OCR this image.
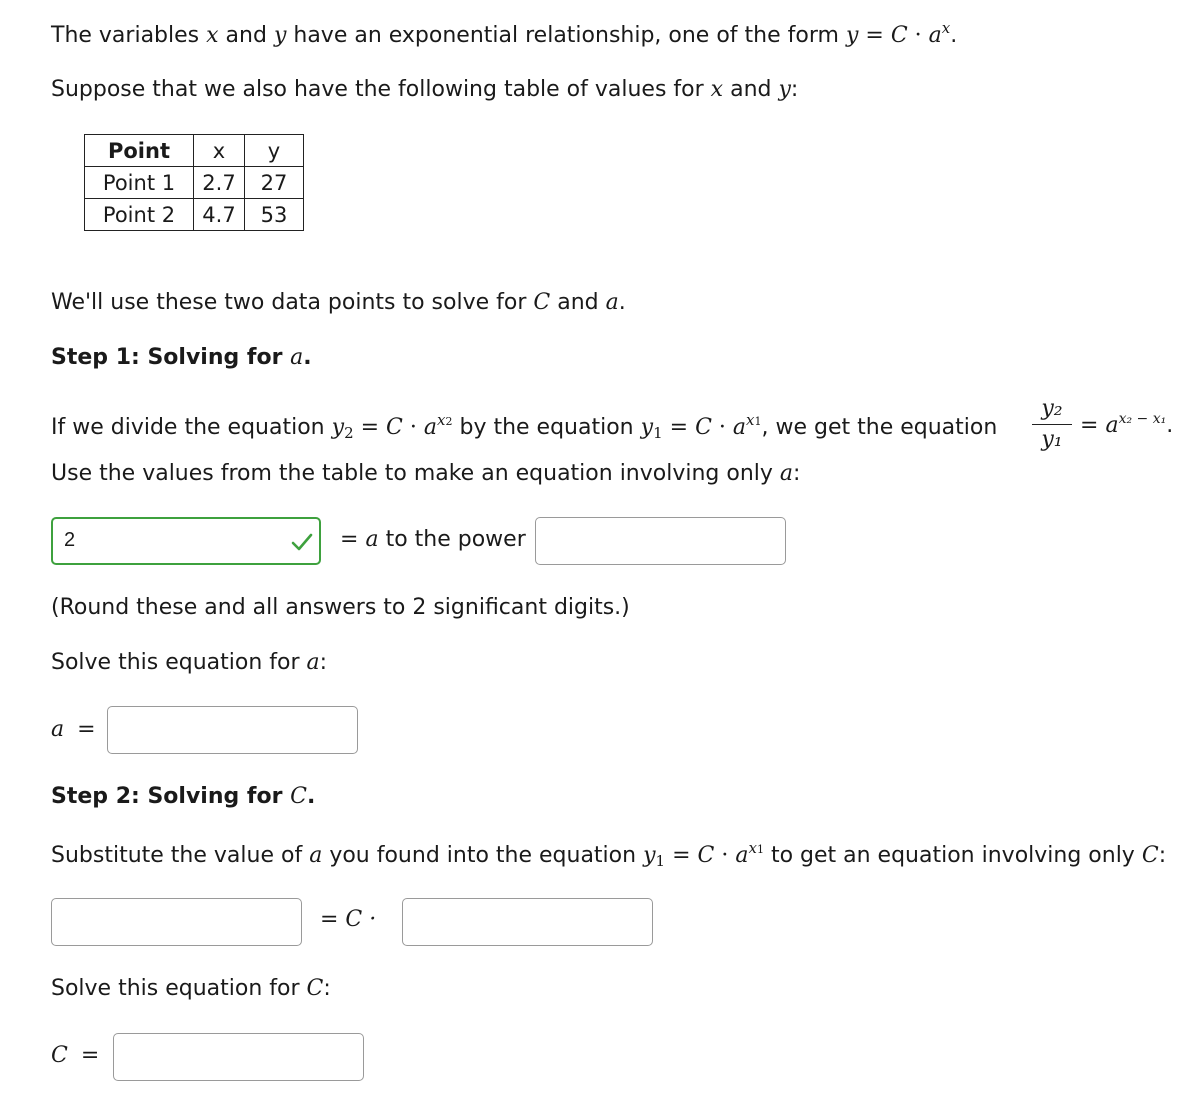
The variables x and y have an exponential relationship, one of the form $y = C \cdot a^x$.
Suppose that we also have the following table of values for x and y:
Point	x	y
Point 1	2.7	27
Point 2	4.7	53
We'll use these two data points to solve for C and a.
Step 1: Solving for a.
If we divide the equation $y_2 = C \cdot a^{x2}$ by the equation $y_1 = C \cdot a^{x1}$, we get the equation
y₂
y₁
= $a^{x_2 - x_1}$.
Use the values from the table to make an equation involving only a:
2	= a to the power
(Round these and all answers to 2 significant digits.)
Solve this equation for a:
a =
Step 2: Solving for C.
Substitute the value of a you found into the equation $y_1 = C \cdot a^{x1}$ to get an equation involving only C:
= C ·
Solve this equation for C:
C =
